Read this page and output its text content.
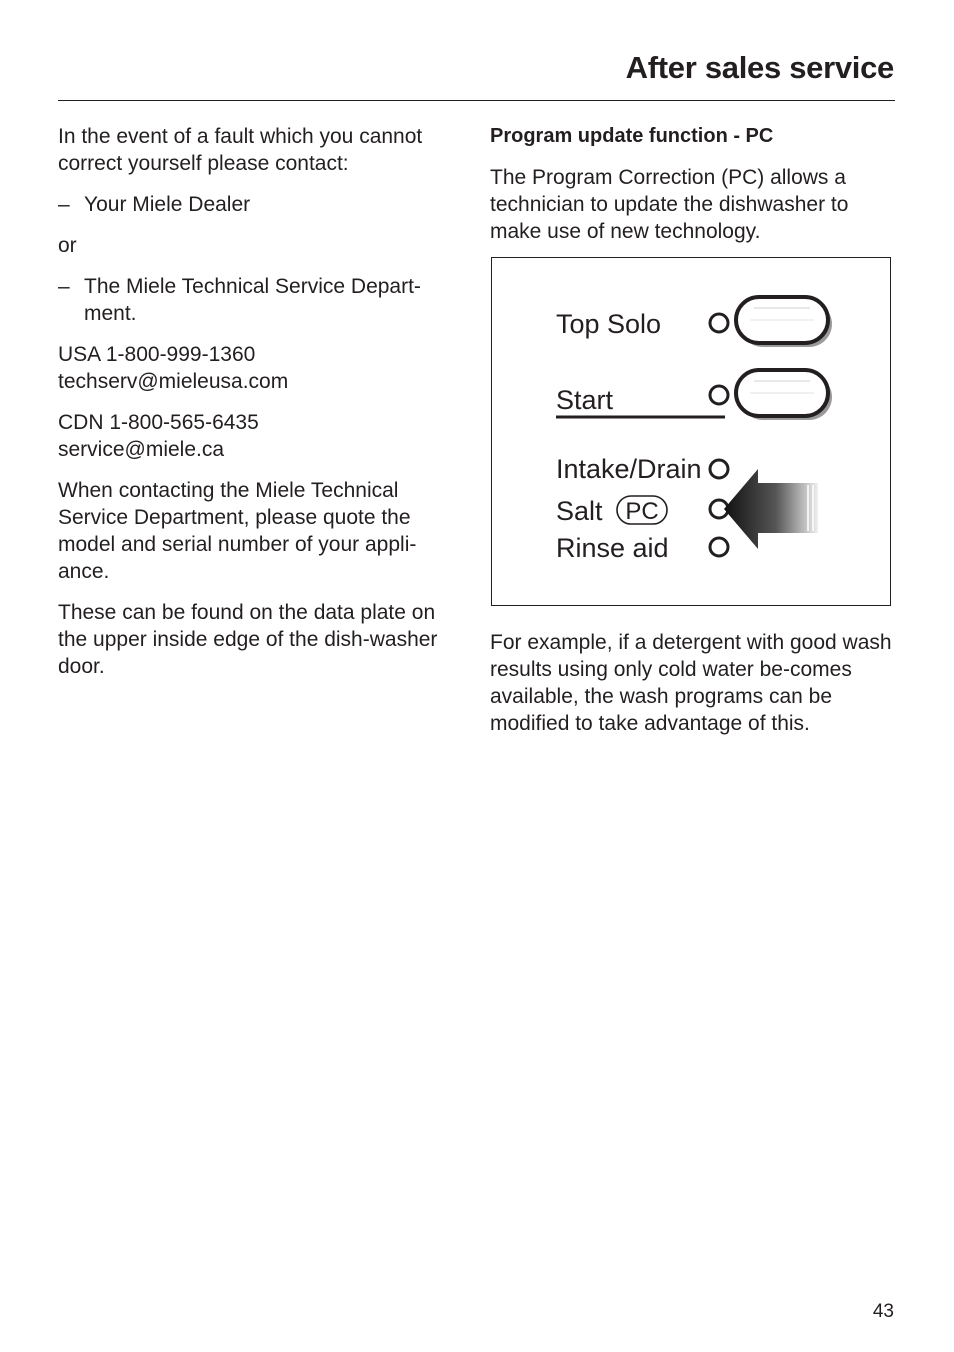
After sales service

In the event of a fault which you cannot correct yourself please contact:

– Your Miele Dealer

or

– The Miele Technical Service Depart-
ment.

USA 1-800-999-1360
techserv@mieleusa.com

CDN 1-800-565-6435
service@miele.ca

When contacting the Miele Technical Service Department, please quote the model and serial number of your appli-ance.

These can be found on the data plate on the upper inside edge of the dish-washer door.

Program update function - PC

The Program Correction (PC) allows a technician to update the dishwasher to make use of new technology.

Top Solo
Start
Intake/Drain
Salt PC
Rinse aid

For example, if a detergent with good wash results using only cold water be-comes available, the wash programs can be modified to take advantage of this.

43
